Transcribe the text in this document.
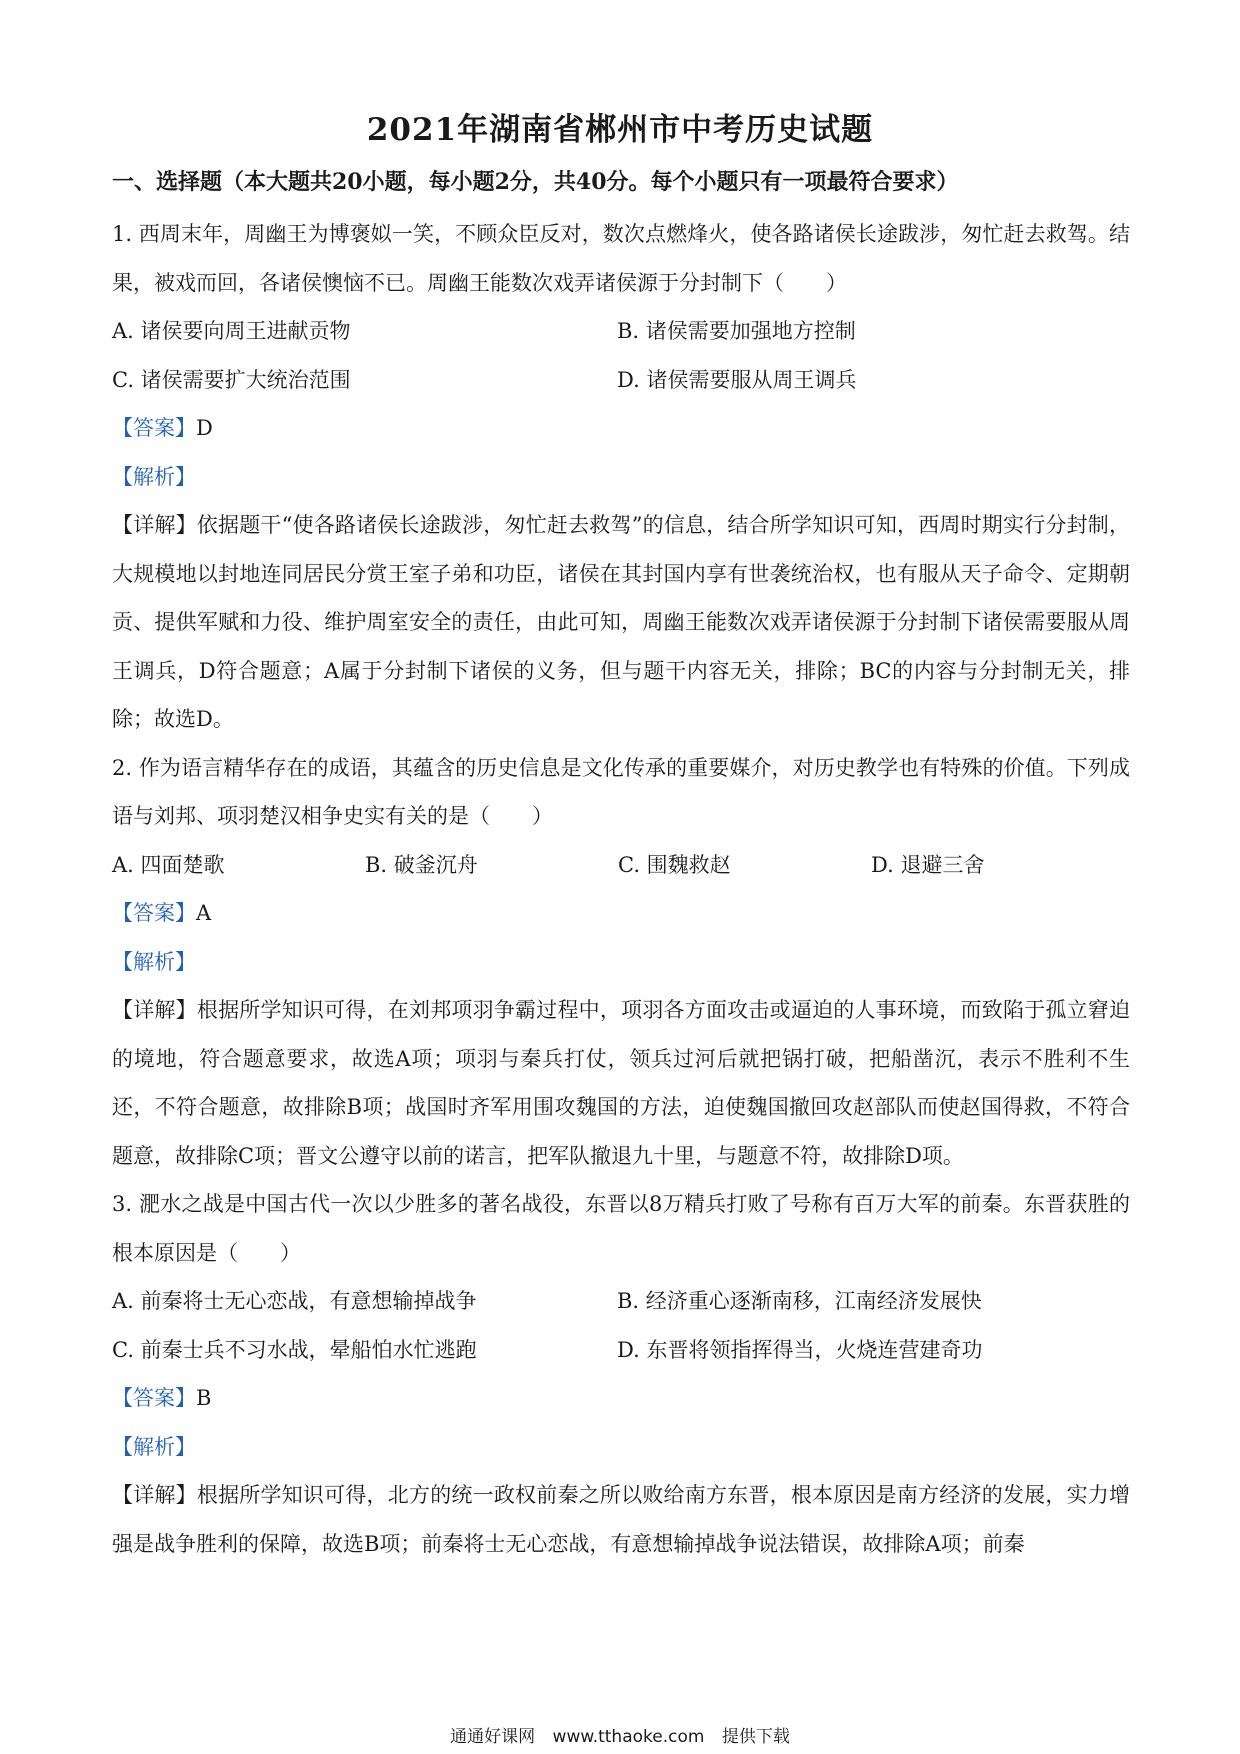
2021年湖南省郴州市中考历史试题

一、选择题（本大题共20小题，每小题2分，共40分。每个小题只有一项最符合要求）

1. 西周末年，周幽王为博褒姒一笑，不顾众臣反对，数次点燃烽火，使各路诸侯长途跋涉，匆忙赶去救驾。结果，被戏而回，各诸侯懊恼不已。周幽王能数次戏弄诸侯源于分封制下（　　）

A. 诸侯要向周王进献贡物	B. 诸侯需要加强地方控制
C. 诸侯需要扩大统治范围	D. 诸侯需要服从周王调兵

【答案】D

【解析】

【详解】依据题干“使各路诸侯长途跋涉，匆忙赶去救驾”的信息，结合所学知识可知，西周时期实行分封制，大规模地以封地连同居民分赏王室子弟和功臣，诸侯在其封国内享有世袭统治权，也有服从天子命令、定期朝贡、提供军赋和力役、维护周室安全的责任，由此可知，周幽王能数次戏弄诸侯源于分封制下诸侯需要服从周王调兵，D符合题意；A属于分封制下诸侯的义务，但与题干内容无关，排除；BC的内容与分封制无关，排除；故选D。

2. 作为语言精华存在的成语，其蕴含的历史信息是文化传承的重要媒介，对历史教学也有特殊的价值。下列成语与刘邦、项羽楚汉相争史实有关的是（　　）

A. 四面楚歌	B. 破釜沉舟	C. 围魏救赵	D. 退避三舍

【答案】A

【解析】

【详解】根据所学知识可得，在刘邦项羽争霸过程中，项羽各方面攻击或逼迫的人事环境，而致陷于孤立窘迫的境地，符合题意要求，故选A项；项羽与秦兵打仗，领兵过河后就把锅打破，把船凿沉，表示不胜利不生还，不符合题意，故排除B项；战国时齐军用围攻魏国的方法，迫使魏国撤回攻赵部队而使赵国得救，不符合题意，故排除C项；晋文公遵守以前的诺言，把军队撤退九十里，与题意不符，故排除D项。

3. 淝水之战是中国古代一次以少胜多的著名战役，东晋以8万精兵打败了号称有百万大军的前秦。东晋获胜的根本原因是（　　）

A. 前秦将士无心恋战，有意想输掉战争	B. 经济重心逐渐南移，江南经济发展快
C. 前秦士兵不习水战，晕船怕水忙逃跑	D. 东晋将领指挥得当，火烧连营建奇功

【答案】B

【解析】

【详解】根据所学知识可得，北方的统一政权前秦之所以败给南方东晋，根本原因是南方经济的发展，实力增强是战争胜利的保障，故选B项；前秦将士无心恋战，有意想输掉战争说法错误，故排除A项；前秦

通通好课网 www.tthaoke.com 提供下载
